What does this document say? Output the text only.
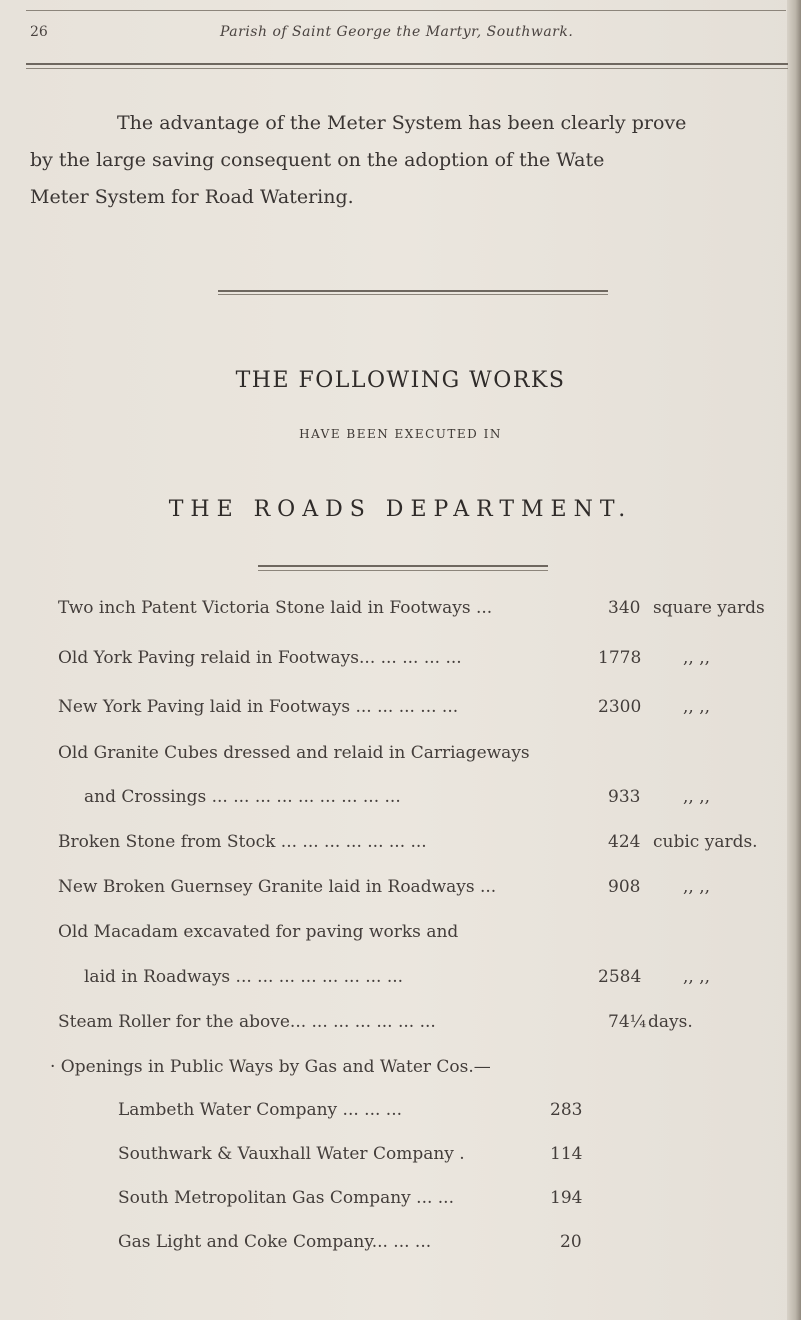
26	Parish of Saint George the Martyr, Southwark.
The advantage of the Meter System has been clearly prove
by the large saving consequent on the adoption of the Wate
Meter System for Road Watering.
THE FOLLOWING WORKS
HAVE BEEN EXECUTED IN
THE ROADS DEPARTMENT.
Two inch Patent Victoria Stone laid in Footways ...	340 square yards
Old York Paving relaid in Footways... ... ... ... ...	1778 ,, ,,
New York Paving laid in Footways ... ... ... ... ...	2300 ,, ,,
Old Granite Cubes dressed and relaid in Carriageways
and Crossings ... ... ... ... ... ... ... ... ...	933	,, ,,
Broken Stone from Stock ... ... ... ... ... ... ...	424 cubic yards.
New Broken Guernsey Granite laid in Roadways ...	908	,, ,,
Old Macadam excavated for paving works and
laid in Roadways ... ... ... ... ... ... ... ...	2584 ,, ,,
Steam Roller for the above... ... ... ... ... ... ...	74¼ days.
· Openings in Public Ways by Gas and Water Cos.—
Lambeth Water Company ... ... ...	283
Southwark & Vauxhall Water Company .	114
South Metropolitan Gas Company ... ...	194
Gas Light and Coke Company... ... ...	20
